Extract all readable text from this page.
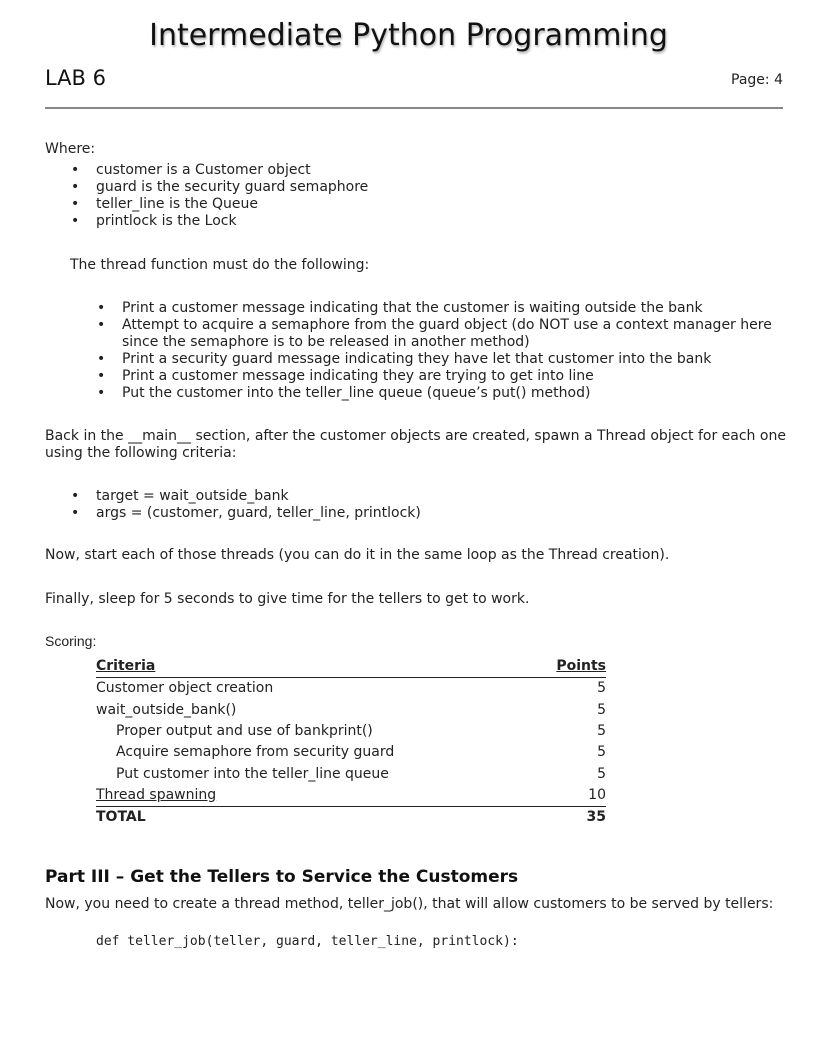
Intermediate Python Programming
LAB 6	Page: 4

Where:

• customer is a Customer object
• guard is the security guard semaphore
• teller_line is the Queue
• printlock is the Lock

The thread function must do the following:

• Print a customer message indicating that the customer is waiting outside the bank
• Attempt to acquire a semaphore from the guard object (do NOT use a context manager here since the semaphore is to be released in another method)
• Print a security guard message indicating they have let that customer into the bank
• Print a customer message indicating they are trying to get into line
• Put the customer into the teller_line queue (queue’s put() method)

Back in the __main__ section, after the customer objects are created, spawn a Thread object for each one using the following criteria:

• target = wait_outside_bank
• args = (customer, guard, teller_line, printlock)

Now, start each of those threads (you can do it in the same loop as the Thread creation).

Finally, sleep for 5 seconds to give time for the tellers to get to work.

Scoring:

Criteria	Points
Customer object creation	5
wait_outside_bank()	5
Proper output and use of bankprint()	5
Acquire semaphore from security guard	5
Put customer into the teller_line queue	5
Thread spawning	10
TOTAL	35
Part III – Get the Tellers to Service the Customers

Now, you need to create a thread method, teller_job(), that will allow customers to be served by tellers:

def teller_job(teller, guard, teller_line, printlock):
